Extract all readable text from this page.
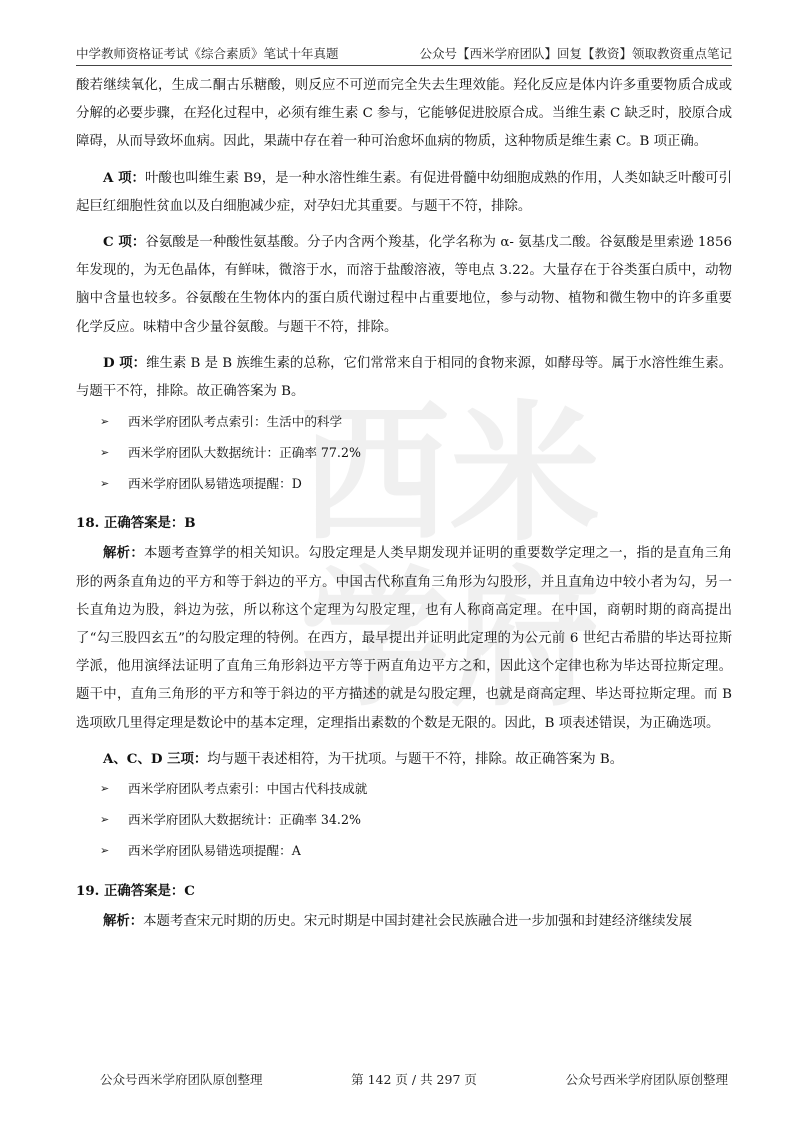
中学教师资格证考试《综合素质》笔试十年真题	公众号【西米学府团队】回复【教资】领取教资重点笔记
西 米
学 府

酸若继续氧化，生成二酮古乐糖酸，则反应不可逆而完全失去生理效能。羟化反应是体内许多重要物质合成或分解的必要步骤，在羟化过程中，必须有维生素 C 参与，它能够促进胶原合成。当维生素 C 缺乏时，胶原合成障碍，从而导致坏血病。因此，果蔬中存在着一种可治愈坏血病的物质，这种物质是维生素 C。B 项正确。

A 项：叶酸也叫维生素 B9，是一种水溶性维生素。有促进骨髓中幼细胞成熟的作用，人类如缺乏叶酸可引起巨红细胞性贫血以及白细胞减少症，对孕妇尤其重要。与题干不符，排除。

C 项：谷氨酸是一种酸性氨基酸。分子内含两个羧基，化学名称为 α- 氨基戊二酸。谷氨酸是里索逊 1856 年发现的，为无色晶体，有鲜味，微溶于水，而溶于盐酸溶液，等电点 3.22。大量存在于谷类蛋白质中，动物脑中含量也较多。谷氨酸在生物体内的蛋白质代谢过程中占重要地位，参与动物、植物和微生物中的许多重要化学反应。味精中含少量谷氨酸。与题干不符，排除。

D 项：维生素 B 是 B 族维生素的总称，它们常常来自于相同的食物来源，如酵母等。属于水溶性维生素。与题干不符，排除。故正确答案为 B。

➢	西米学府团队考点索引：生活中的科学
➢	西米学府团队大数据统计：正确率 77.2%
➢	西米学府团队易错选项提醒：D

18. 正确答案是：B

解析：本题考查算学的相关知识。勾股定理是人类早期发现并证明的重要数学定理之一，指的是直角三角形的两条直角边的平方和等于斜边的平方。中国古代称直角三角形为勾股形，并且直角边中较小者为勾，另一长直角边为股，斜边为弦，所以称这个定理为勾股定理，也有人称商高定理。在中国，商朝时期的商高提出了“勾三股四玄五”的勾股定理的特例。在西方，最早提出并证明此定理的为公元前 6 世纪古希腊的毕达哥拉斯学派，他用演绎法证明了直角三角形斜边平方等于两直角边平方之和，因此这个定律也称为毕达哥拉斯定理。题干中，直角三角形的平方和等于斜边的平方描述的就是勾股定理，也就是商高定理、毕达哥拉斯定理。而 B 选项欧几里得定理是数论中的基本定理，定理指出素数的个数是无限的。因此，B 项表述错误，为正确选项。

A、C、D 三项：均与题干表述相符，为干扰项。与题干不符，排除。故正确答案为 B。

➢	西米学府团队考点索引：中国古代科技成就
➢	西米学府团队大数据统计：正确率 34.2%
➢	西米学府团队易错选项提醒：A

19. 正确答案是：C

解析：本题考查宋元时期的历史。宋元时期是中国封建社会民族融合进一步加强和封建经济继续发展

公众号西米学府团队原创整理	第 142 页 / 共 297 页	公众号西米学府团队原创整理
